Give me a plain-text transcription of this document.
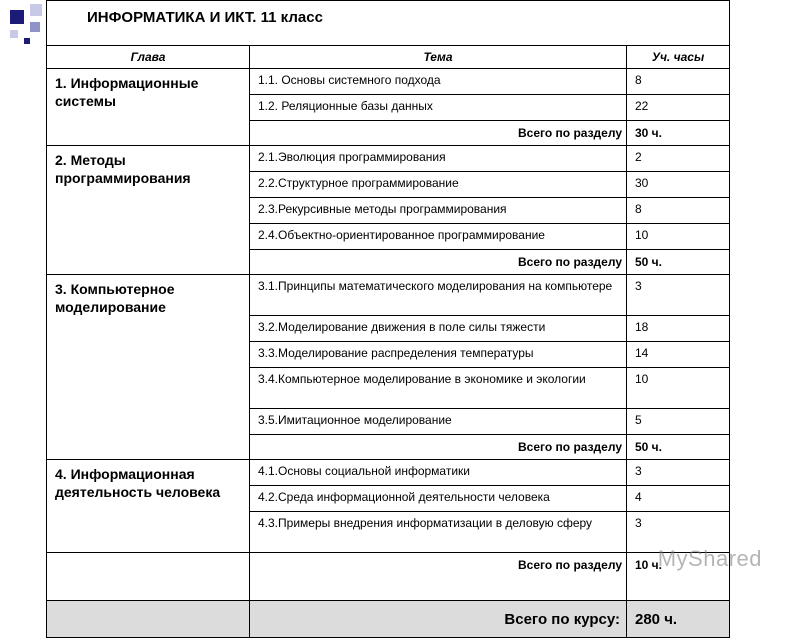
ИНФОРМАТИКА И ИКТ. 11 класс		

Глава	Тема	Уч. часы
1. Информационные системы	1.1. Основы системного подхода	8
	1.2. Реляционные базы данных	22
	Всего по разделу	30 ч.
2. Методы программирования	2.1.Эволюция программирования	2
	2.2.Структурное программирование	30
	2.3.Рекурсивные методы программирования	8
	2.4.Объектно-ориентированное программирование	10
	Всего по разделу	50 ч.
3. Компьютерное моделирование	3.1.Принципы математического моделирования на компьютере	3
	3.2.Моделирование движения в поле силы тяжести	18
	3.3.Моделирование распределения температуры	14
	3.4.Компьютерное моделирование в экономике и экологии	10
	3.5.Имитационное моделирование	5
	Всего по разделу	50 ч.
4. Информационная деятельность человека	4.1.Основы социальной информатики	3
	4.2.Среда информационной деятельности человека	4
	4.3.Примеры внедрения информатизации в деловую сферу	3
	Всего по разделу	10 ч.
	Всего по курсу:	280 ч.
MyShared
